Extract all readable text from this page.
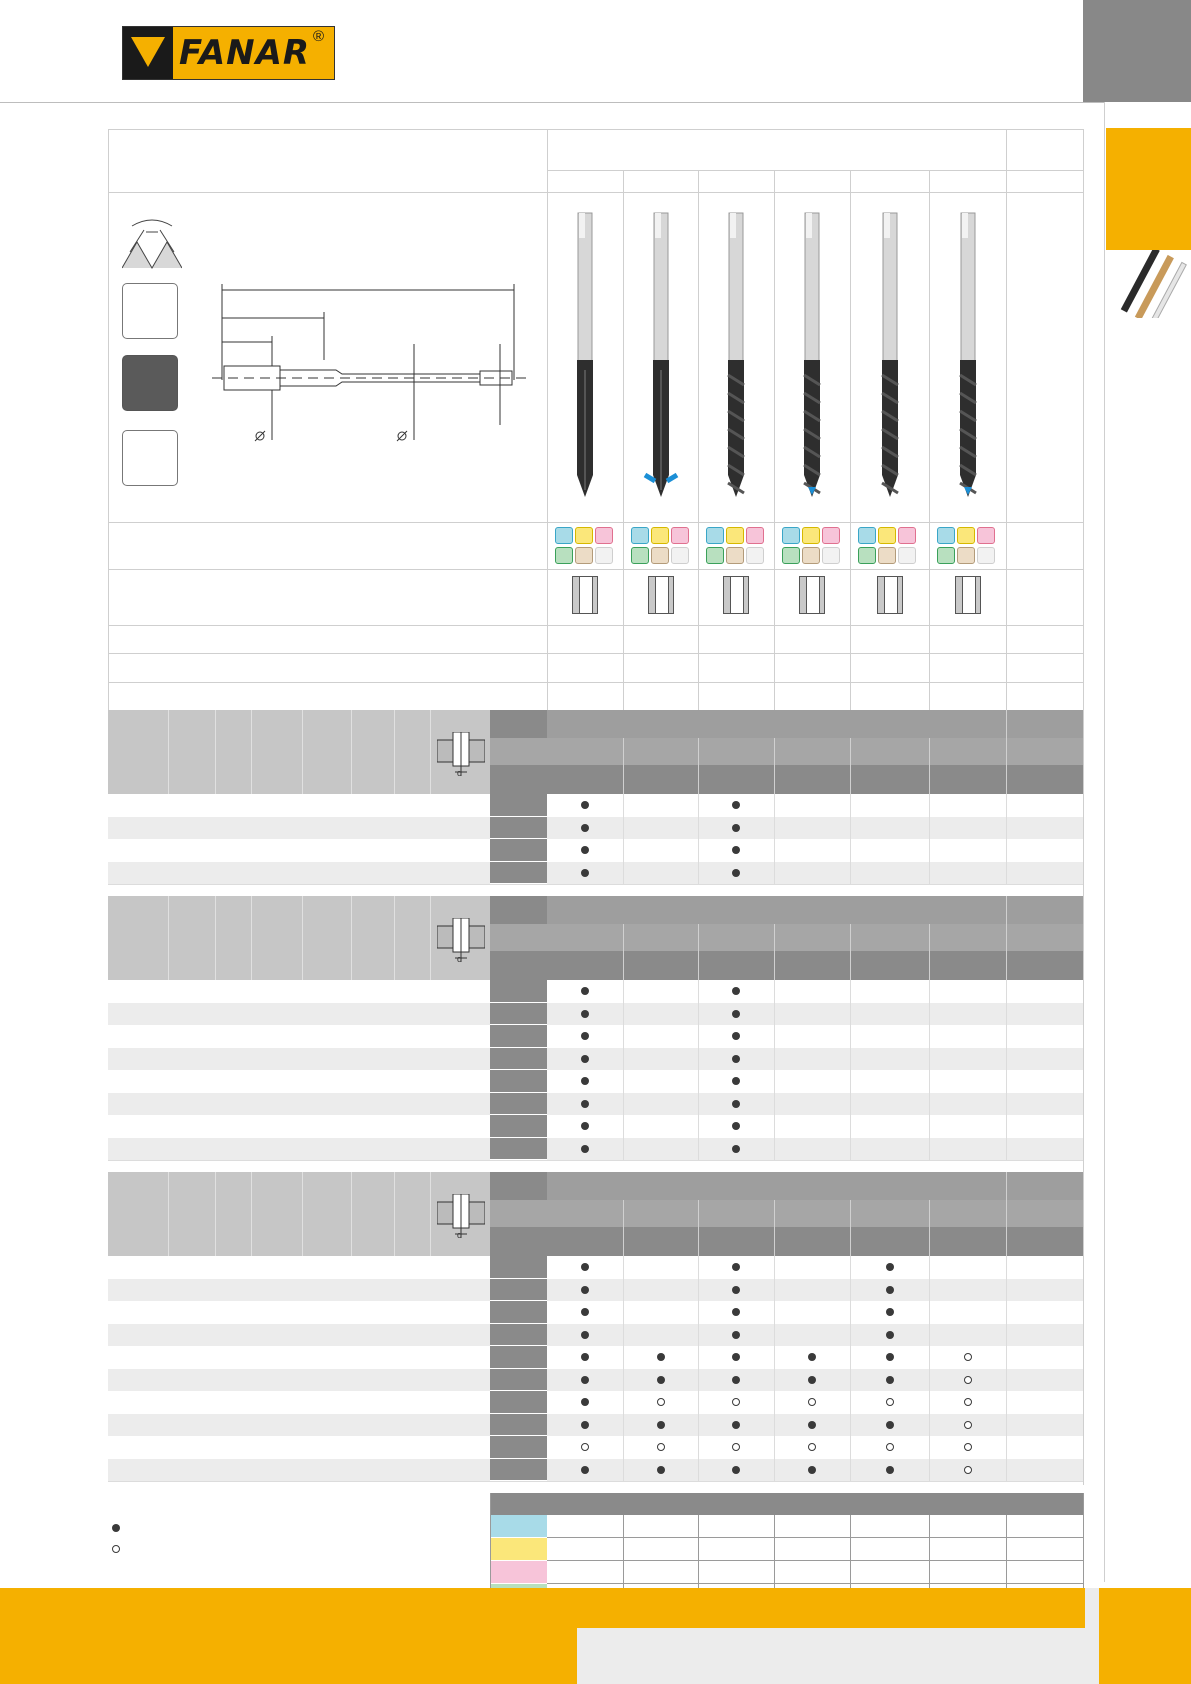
FANAR ®
d
d
d
